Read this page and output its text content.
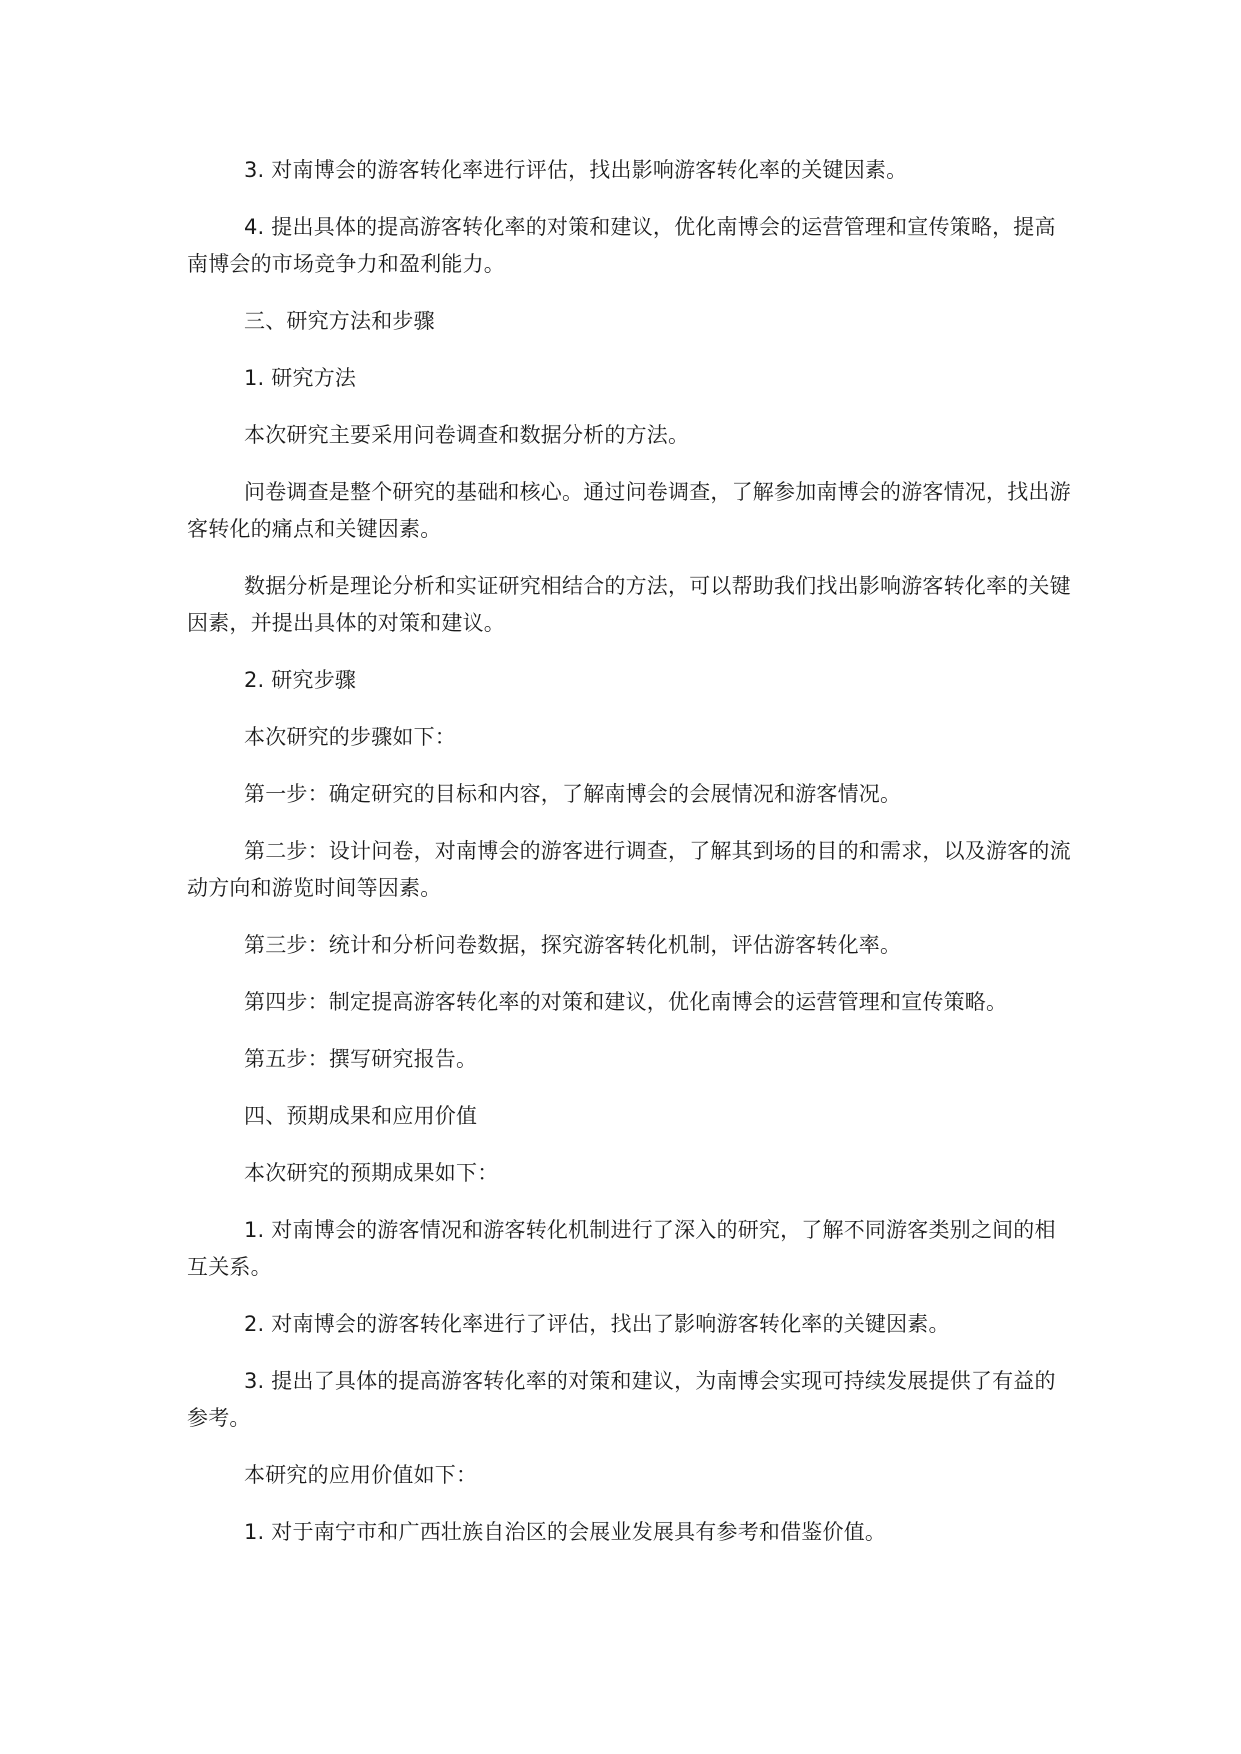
3. 对南博会的游客转化率进行评估，找出影响游客转化率的关键因素。

4. 提出具体的提高游客转化率的对策和建议，优化南博会的运营管理和宣传策略，提高南博会的市场竞争力和盈利能力。

三、研究方法和步骤

1. 研究方法

本次研究主要采用问卷调查和数据分析的方法。

问卷调查是整个研究的基础和核心。通过问卷调查，了解参加南博会的游客情况，找出游客转化的痛点和关键因素。

数据分析是理论分析和实证研究相结合的方法，可以帮助我们找出影响游客转化率的关键因素，并提出具体的对策和建议。

2. 研究步骤

本次研究的步骤如下：

第一步：确定研究的目标和内容，了解南博会的会展情况和游客情况。

第二步：设计问卷，对南博会的游客进行调查，了解其到场的目的和需求，以及游客的流动方向和游览时间等因素。

第三步：统计和分析问卷数据，探究游客转化机制，评估游客转化率。

第四步：制定提高游客转化率的对策和建议，优化南博会的运营管理和宣传策略。

第五步：撰写研究报告。

四、预期成果和应用价值

本次研究的预期成果如下：

1. 对南博会的游客情况和游客转化机制进行了深入的研究，了解不同游客类别之间的相互关系。

2. 对南博会的游客转化率进行了评估，找出了影响游客转化率的关键因素。

3. 提出了具体的提高游客转化率的对策和建议，为南博会实现可持续发展提供了有益的参考。

本研究的应用价值如下：

1. 对于南宁市和广西壮族自治区的会展业发展具有参考和借鉴价值。
